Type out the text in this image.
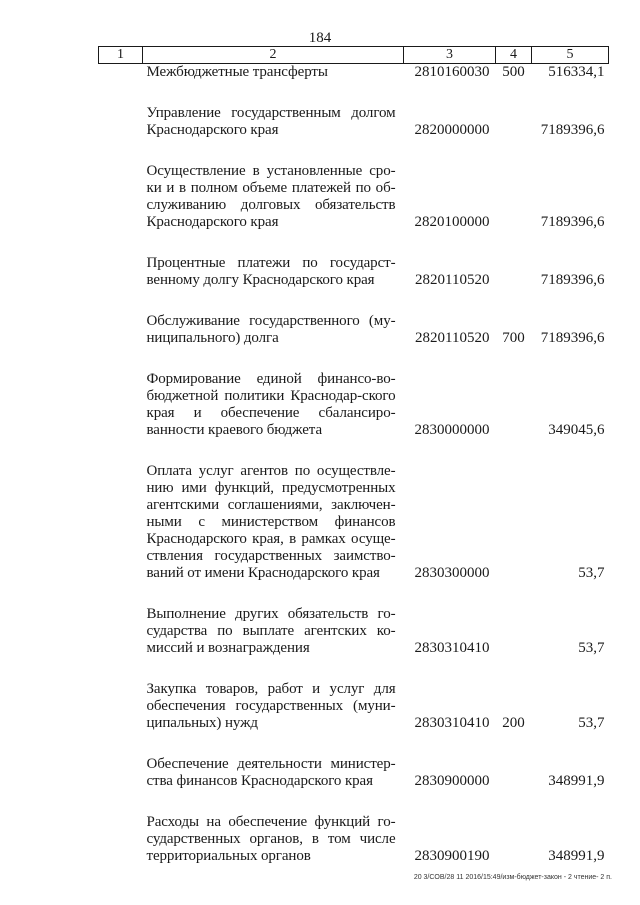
184
1	2	3	4	5
	Межбюджетные трансферты	2810160030	500	516334,1

	Управление государственным долгом Краснодарского края	2820000000		7189396,6

	Осуществление в установленные сро-ки и в полном объеме платежей по об-служиванию долговых обязательств Краснодарского края	2820100000		7189396,6

	Процентные платежи по государст-венному долгу Краснодарского края	2820110520		7189396,6

	Обслуживание государственного (му-ниципального) долга	2820110520	700	7189396,6

	Формирование единой финансо-во-бюджетной политики Краснодар-ского края и обеспечение сбалансиро-ванности краевого бюджета	2830000000		349045,6

	Оплата услуг агентов по осуществле-нию ими функций, предусмотренных агентскими соглашениями, заключен-ными с министерством финансов Краснодарского края, в рамках осуще-ствления государственных заимство-ваний от имени Краснодарского края	2830300000		53,7

	Выполнение других обязательств го-сударства по выплате агентских ко-миссий и вознаграждения	2830310410		53,7

	Закупка товаров, работ и услуг для обеспечения государственных (муни-ципальных) нужд	2830310410	200	53,7

	Обеспечение деятельности министер-ства финансов Краснодарского края	2830900000		348991,9

	Расходы на обеспечение функций го-сударственных органов, в том числе территориальных органов	2830900190		348991,9
20 3/COB/28 11 2016/15:49/изм-бюджет-закон - 2 чтение- 2 п.
